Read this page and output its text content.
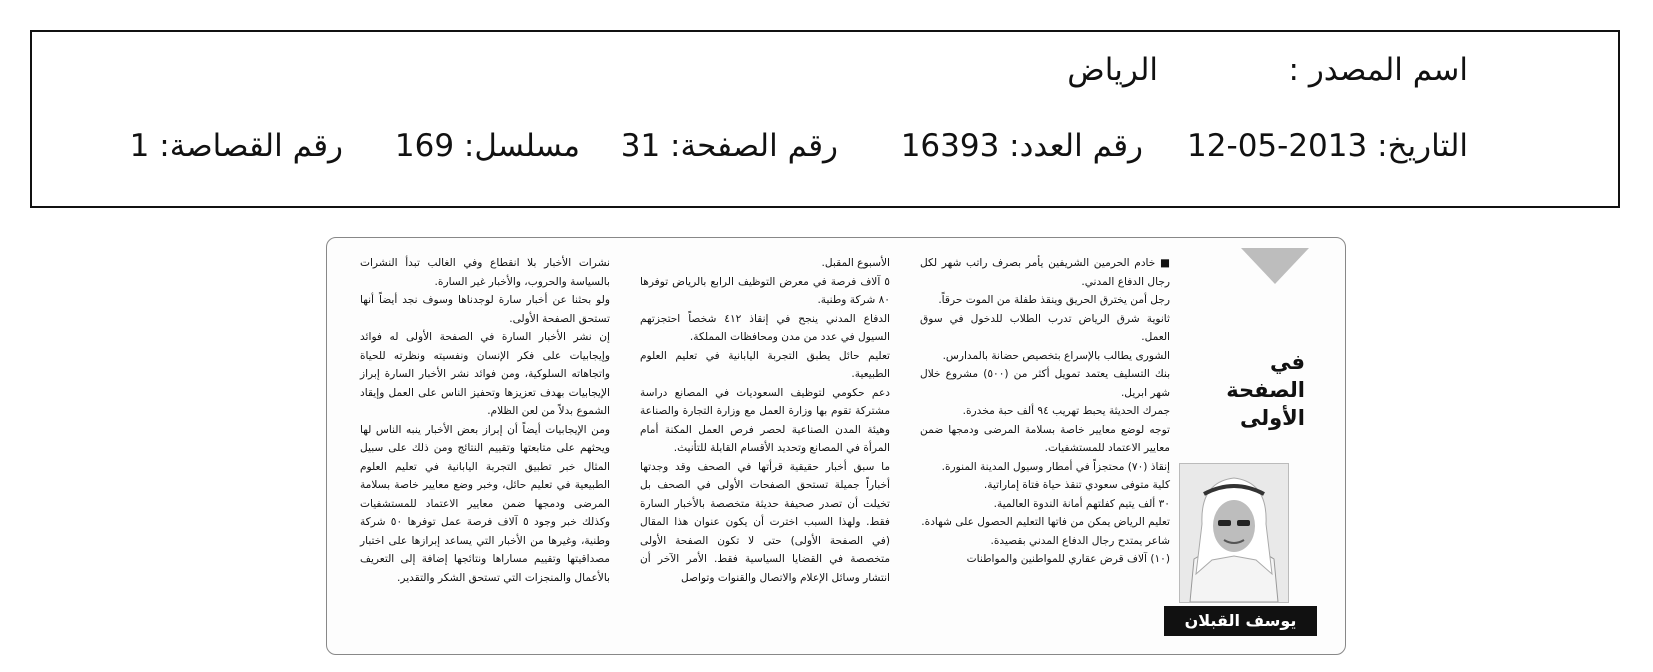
اسم المصدر :
الرياض
التاريخ: 2013-05-12
رقم العدد: 16393
رقم الصفحة: 31
مسلسل: 169
رقم القصاصة: 1
في الصفحة الأولى
يوسف القبلان

■ خادم الحرمين الشريفين يأمر بصرف راتب شهر لكل رجال الدفاع المدني.

رجل أمن يخترق الحريق وينقذ طفلة من الموت حرقاً.

ثانوية شرق الرياض تدرب الطلاب للدخول في سوق العمل.

الشورى يطالب بالإسراع بتخصيص حضانة بالمدارس.

بنك التسليف يعتمد تمويل أكثر من (٥٠٠) مشروع خلال شهر ابريل.

جمرك الحديثة يحبط تهريب ٩٤ ألف حبة مخدرة.

توجه لوضع معايير خاصة بسلامة المرضى ودمجها ضمن معايير الاعتماد للمستشفيات.

إنقاذ (٧٠) محتجزاً في أمطار وسيول المدينة المنورة.

كلية متوفى سعودي تنقذ حياة فتاة إماراتية.

٣٠ ألف يتيم كفلتهم أمانة الندوة العالمية.

تعليم الرياض يمكن من فاتها التعليم الحصول على شهادة.

شاعر يمتدح رجال الدفاع المدني بقصيدة.

(١٠) آلاف قرض عقاري للمواطنين والمواطنات

الأسبوع المقبل.

٥ آلاف فرصة في معرض التوظيف الرابع بالرياض توفرها ٨٠ شركة وطنية.

الدفاع المدني ينجح في إنقاذ ٤١٢ شخصاً احتجزتهم السيول في عدد من مدن ومحافظات المملكة.

تعليم حائل يطبق التجربة اليابانية في تعليم العلوم الطبيعية.

دعم حكومي لتوظيف السعوديات في المصانع دراسة مشتركة تقوم بها وزارة العمل مع وزارة التجارة والصناعة وهيئة المدن الصناعية لحصر فرص العمل المكنة أمام المرأة في المصانع وتحديد الأقسام القابلة للتأنيث.

ما سبق أخبار حقيقية قرأتها في الصحف وقد وجدتها أخباراً جميلة تستحق الصفحات الأولى في الصحف بل تخيلت أن تصدر صحيفة حديثة متخصصة بالأخبار السارة فقط. ولهذا السبب اخترت أن يكون عنوان هذا المقال (في الصفحة الأولى) حتى لا تكون الصفحة الأولى متخصصة في القضايا السياسية فقط. الأمر الآخر أن انتشار وسائل الإعلام والاتصال والقنوات وتواصل

نشرات الأخبار بلا انقطاع وفي الغالب تبدأ النشرات بالسياسة والحروب، والأخبار غير السارة.

ولو بحثنا عن أخبار سارة لوجدناها وسوف نجد أيضاً أنها تستحق الصفحة الأولى.

إن نشر الأخبار السارة في الصفحة الأولى له فوائد وإيجابيات على فكر الإنسان ونفسيته ونظرته للحياة واتجاهاته السلوكية، ومن فوائد نشر الأخبار السارة إبراز الإيجابيات بهدف تعزيزها وتحفيز الناس على العمل وإيقاد الشموع بدلاً من لعن الظلام.

ومن الإيجابيات أيضاً أن إبراز بعض الأخبار ينبه الناس لها ويحثهم على متابعتها وتقييم النتائج ومن ذلك على سبيل المثال خبر تطبيق التجربة اليابانية في تعليم العلوم الطبيعية في تعليم حائل، وخبر وضع معايير خاصة بسلامة المرضى ودمجها ضمن معايير الاعتماد للمستشفيات وكذلك خبر وجود ٥ آلاف فرصة عمل توفرها ٥٠ شركة وطنية، وغيرها من الأخبار التي يساعد إبرازها على اختبار مصداقيتها وتقييم مساراها ونتائجها إضافة إلى التعريف بالأعمال والمنجزات التي تستحق الشكر والتقدير.
